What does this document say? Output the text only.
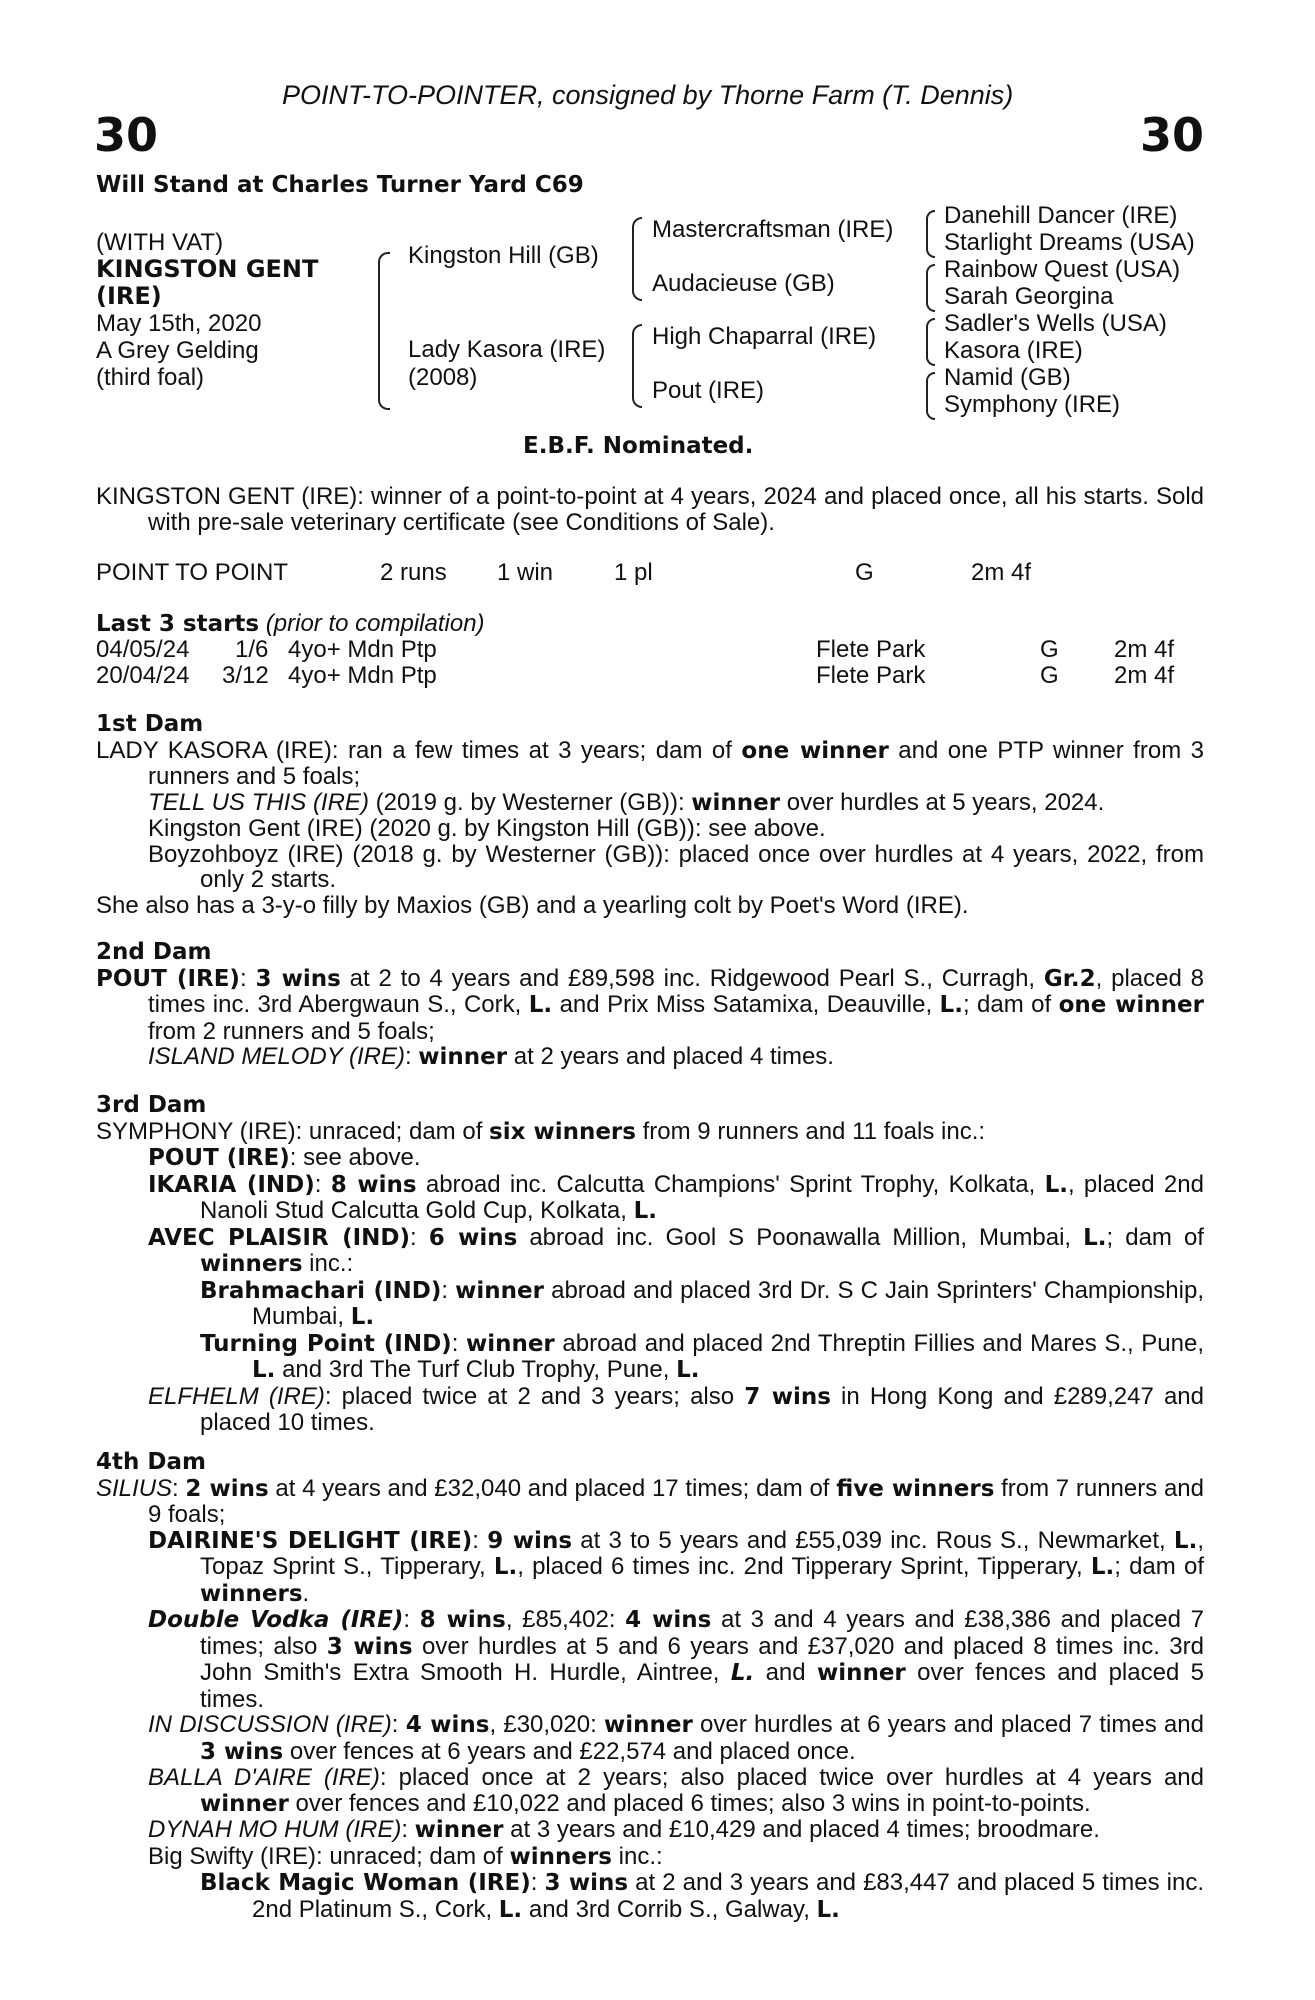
POINT-TO-POINTER, consigned by Thorne Farm (T. Dennis)
30	30
Will Stand at Charles Turner Yard C69
(WITH VAT)
KINGSTON GENT
(IRE)
May 15th, 2020
A Grey Gelding
(third foal)
Kingston Hill (GB)
Lady Kasora (IRE)
(2008)
Mastercraftsman (IRE)
Audacieuse (GB)
High Chaparral (IRE)
Pout (IRE)
Danehill Dancer (IRE)
Starlight Dreams (USA)
Rainbow Quest (USA)
Sarah Georgina
Sadler's Wells (USA)
Kasora (IRE)
Namid (GB)
Symphony (IRE)
E.B.F. Nominated.

KINGSTON GENT (IRE): winner of a point-to-point at 4 years, 2024 and placed once, all his starts. Sold with pre-sale veterinary certificate (see Conditions of Sale).

POINT TO POINT	2 runs 1 win	1 pl	G	2m 4f
Last 3 starts (prior to compilation)
04/05/24 1/6 4yo+ Mdn Ptp	Flete Park	G 2m 4f
20/04/24 3/12 4yo+ Mdn Ptp	Flete Park	G 2m 4f

1st Dam

LADY KASORA (IRE): ran a few times at 3 years; dam of one winner and one PTP winner from 3 runners and 5 foals;

TELL US THIS (IRE) (2019 g. by Westerner (GB)): winner over hurdles at 5 years, 2024.

Kingston Gent (IRE) (2020 g. by Kingston Hill (GB)): see above.

Boyzohboyz (IRE) (2018 g. by Westerner (GB)): placed once over hurdles at 4 years, 2022, from only 2 starts.

She also has a 3-y-o filly by Maxios (GB) and a yearling colt by Poet's Word (IRE).

2nd Dam

POUT (IRE): 3 wins at 2 to 4 years and £89,598 inc. Ridgewood Pearl S., Curragh, Gr.2, placed 8 times inc. 3rd Abergwaun S., Cork, L. and Prix Miss Satamixa, Deauville, L.; dam of one winner from 2 runners and 5 foals;

ISLAND MELODY (IRE): winner at 2 years and placed 4 times.

3rd Dam

SYMPHONY (IRE): unraced; dam of six winners from 9 runners and 11 foals inc.:

POUT (IRE): see above.

IKARIA (IND): 8 wins abroad inc. Calcutta Champions' Sprint Trophy, Kolkata, L., placed 2nd Nanoli Stud Calcutta Gold Cup, Kolkata, L.

AVEC PLAISIR (IND): 6 wins abroad inc. Gool S Poonawalla Million, Mumbai, L.; dam of winners inc.:

Brahmachari (IND): winner abroad and placed 3rd Dr. S C Jain Sprinters' Championship, Mumbai, L.

Turning Point (IND): winner abroad and placed 2nd Threptin Fillies and Mares S., Pune, L. and 3rd The Turf Club Trophy, Pune, L.

ELFHELM (IRE): placed twice at 2 and 3 years; also 7 wins in Hong Kong and £289,247 and placed 10 times.

4th Dam

SILIUS: 2 wins at 4 years and £32,040 and placed 17 times; dam of five winners from 7 runners and 9 foals;

DAIRINE'S DELIGHT (IRE): 9 wins at 3 to 5 years and £55,039 inc. Rous S., Newmarket, L., Topaz Sprint S., Tipperary, L., placed 6 times inc. 2nd Tipperary Sprint, Tipperary, L.; dam of winners.

Double Vodka (IRE): 8 wins, £85,402: 4 wins at 3 and 4 years and £38,386 and placed 7 times; also 3 wins over hurdles at 5 and 6 years and £37,020 and placed 8 times inc. 3rd John Smith's Extra Smooth H. Hurdle, Aintree, L. and winner over fences and placed 5 times.

IN DISCUSSION (IRE): 4 wins, £30,020: winner over hurdles at 6 years and placed 7 times and 3 wins over fences at 6 years and £22,574 and placed once.

BALLA D'AIRE (IRE): placed once at 2 years; also placed twice over hurdles at 4 years and winner over fences and £10,022 and placed 6 times; also 3 wins in point-to-points.

DYNAH MO HUM (IRE): winner at 3 years and £10,429 and placed 4 times; broodmare.

Big Swifty (IRE): unraced; dam of winners inc.:

Black Magic Woman (IRE): 3 wins at 2 and 3 years and £83,447 and placed 5 times inc. 2nd Platinum S., Cork, L. and 3rd Corrib S., Galway, L.
